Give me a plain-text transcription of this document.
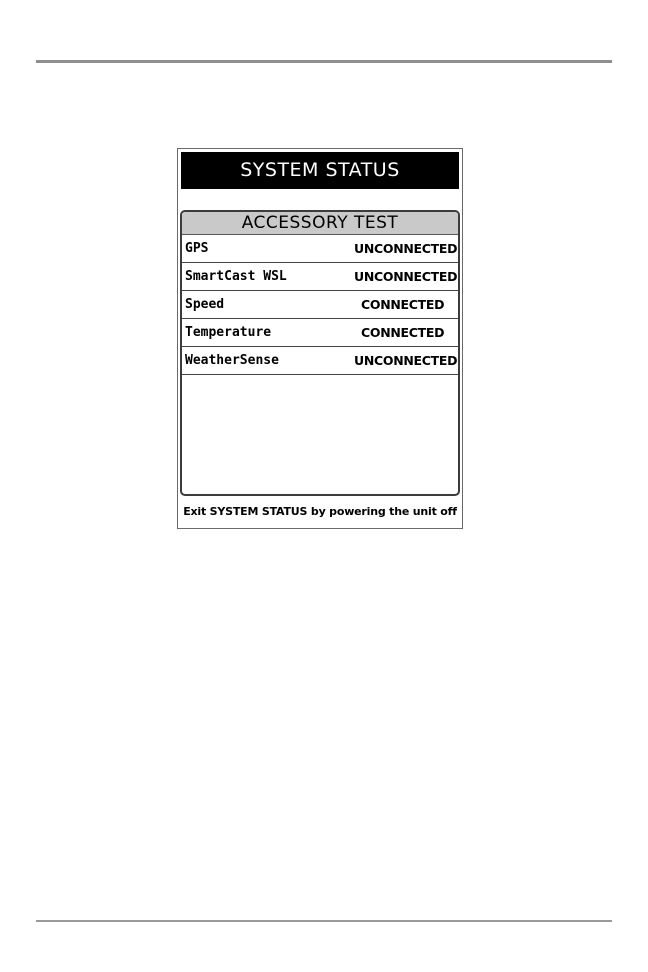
SYSTEM STATUS
ACCESSORY TEST
GPS	UNCONNECTED
SmartCast WSL	UNCONNECTED
Speed	CONNECTED
Temperature	CONNECTED
WeatherSense	UNCONNECTED
Exit SYSTEM STATUS by powering the unit off
